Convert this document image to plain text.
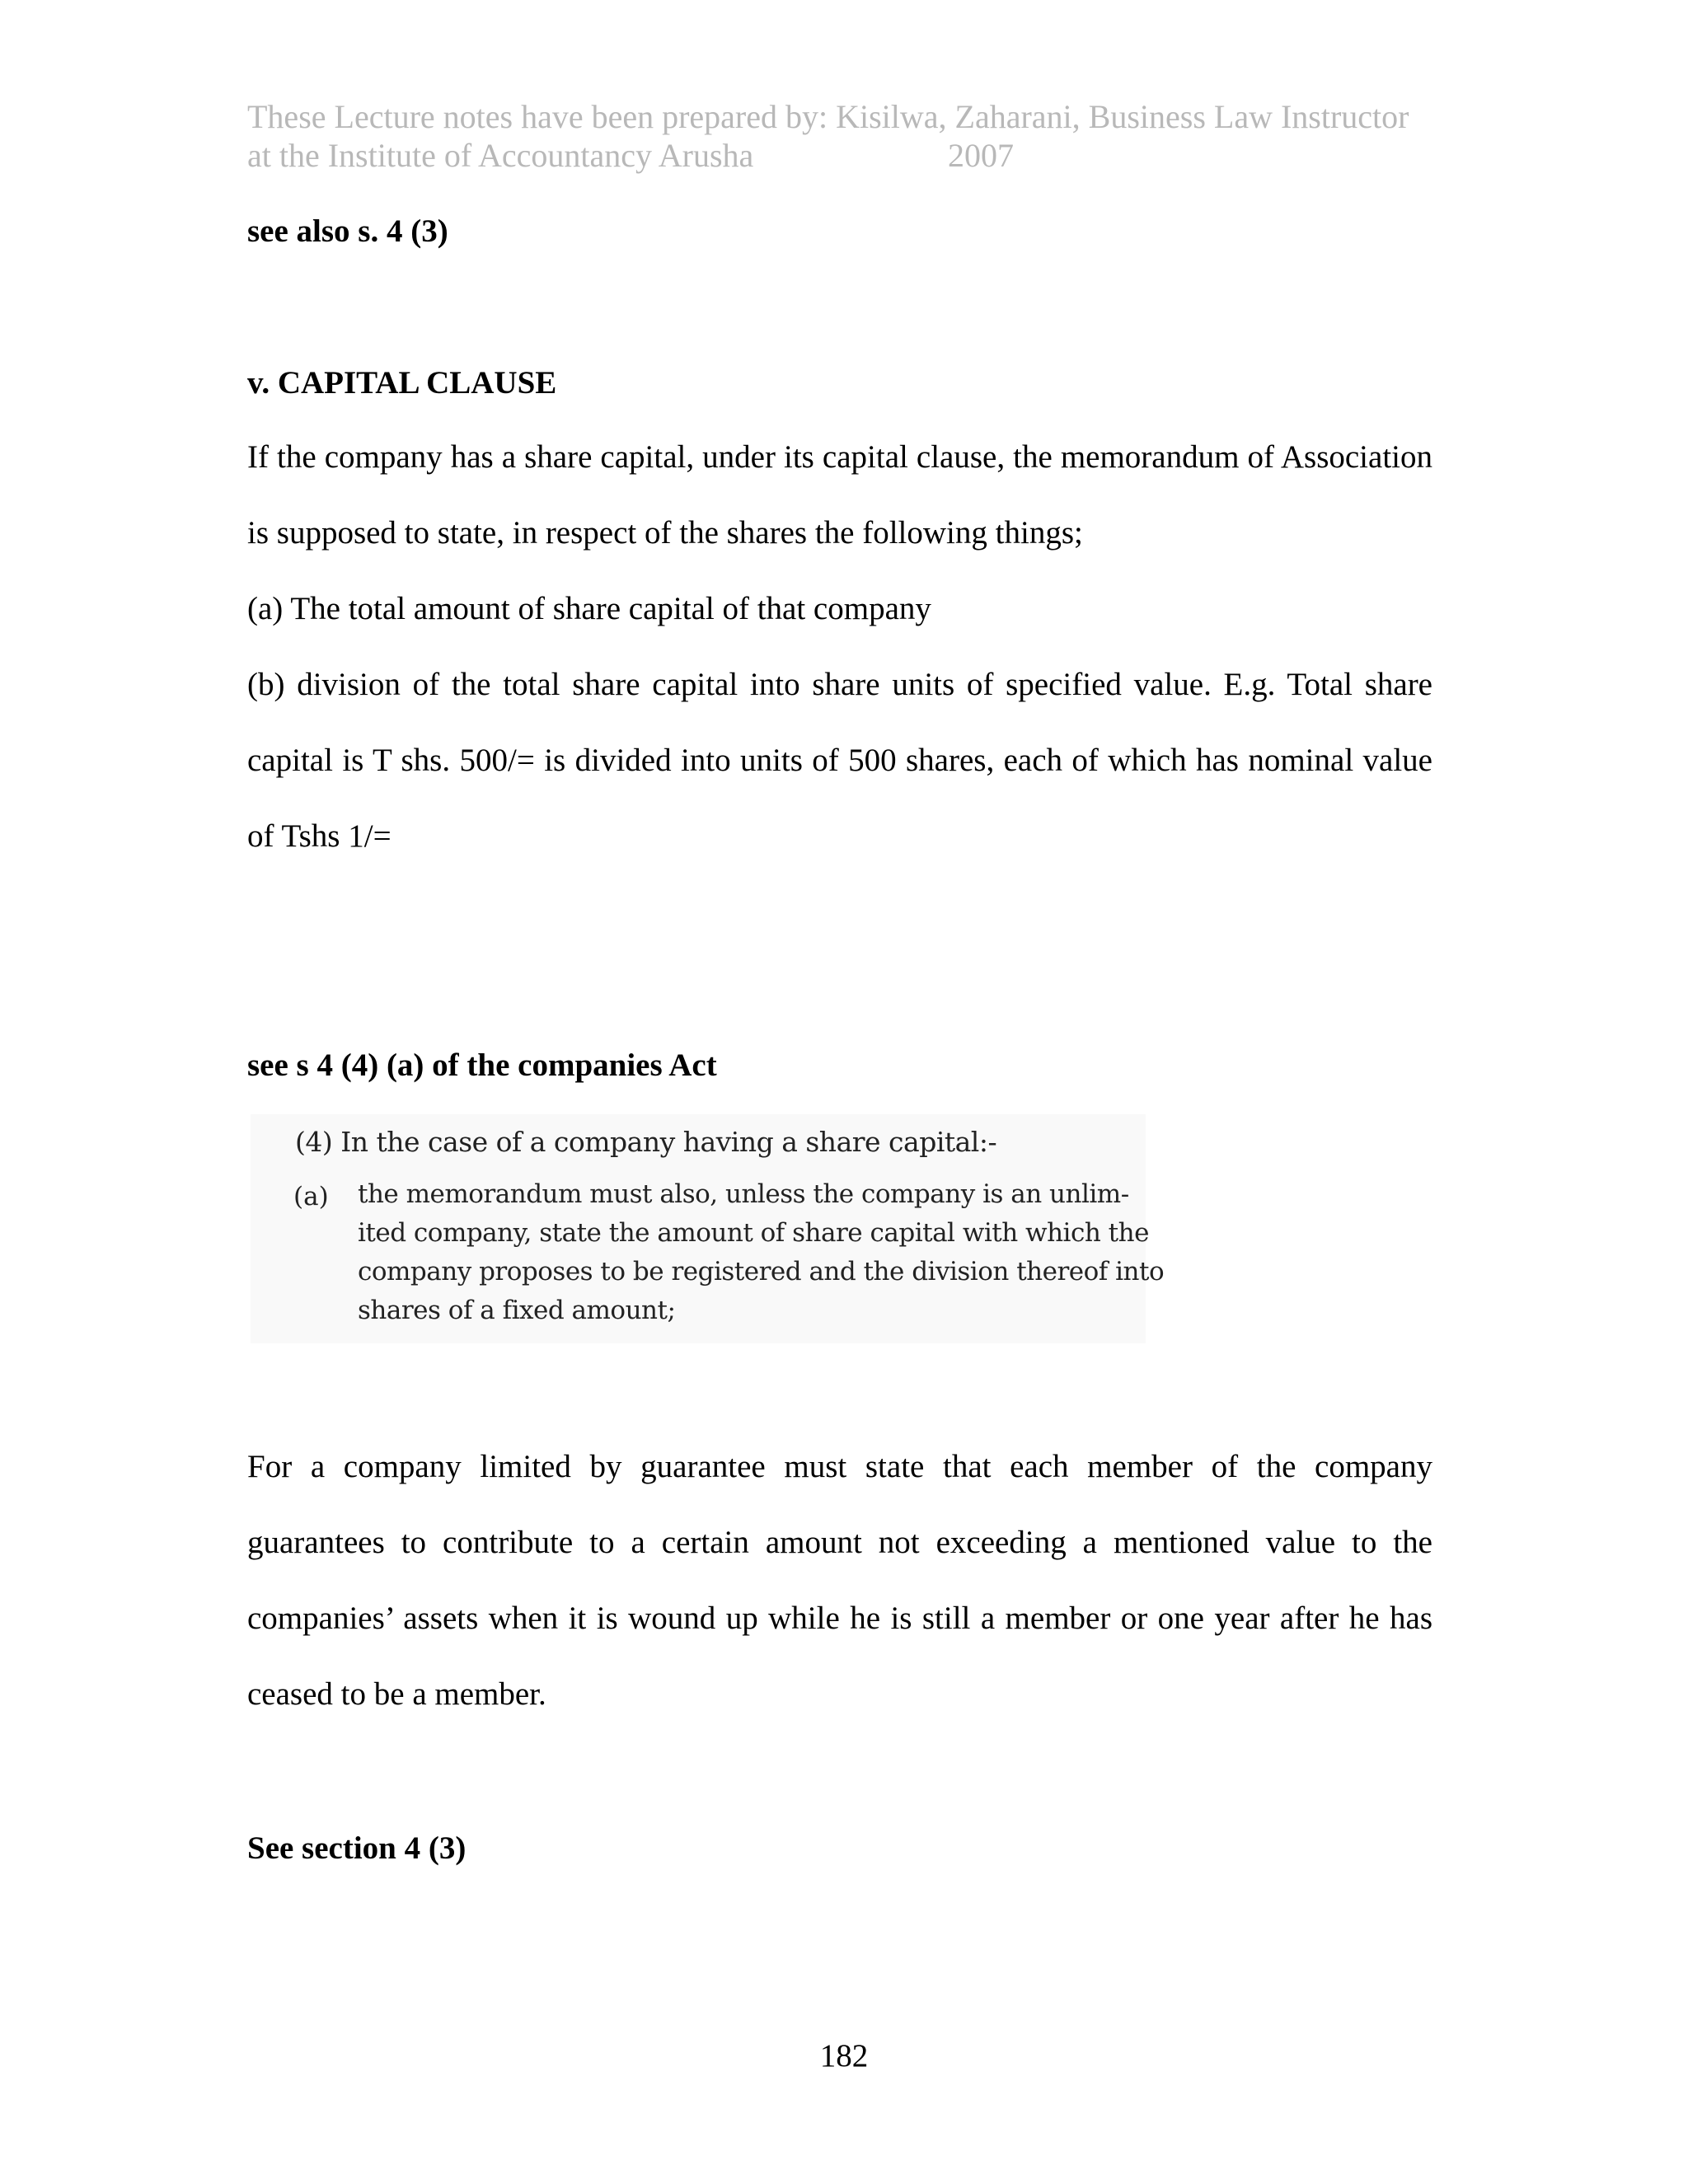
These Lecture notes have been prepared by: Kisilwa, Zaharani, Business Law Instructor
at the Institute of Accountancy Arusha	2007
see also s. 4 (3)
v. CAPITAL CLAUSE
If the company has a share capital, under its capital clause, the memorandum of Association is supposed to state, in respect of the shares the following things;
(a) The total amount of share capital of that company
(b) division of the total share capital into share units of specified value. E.g. Total share capital is T shs. 500/= is divided into units of 500 shares, each of which has nominal value of Tshs 1/=
see s 4 (4) (a) of the companies Act
(4) In the case of a company having a share capital:-
(a) the memorandum must also, unless the company is an unlim-
ited company, state the amount of share capital with which the
company proposes to be registered and the division thereof into
shares of a fixed amount;
For a company limited by guarantee must state that each member of the company guarantees to contribute to a certain amount not exceeding a mentioned value to the companies’ assets when it is wound up while he is still a member or one year after he has ceased to be a member.
See section 4 (3)
182
